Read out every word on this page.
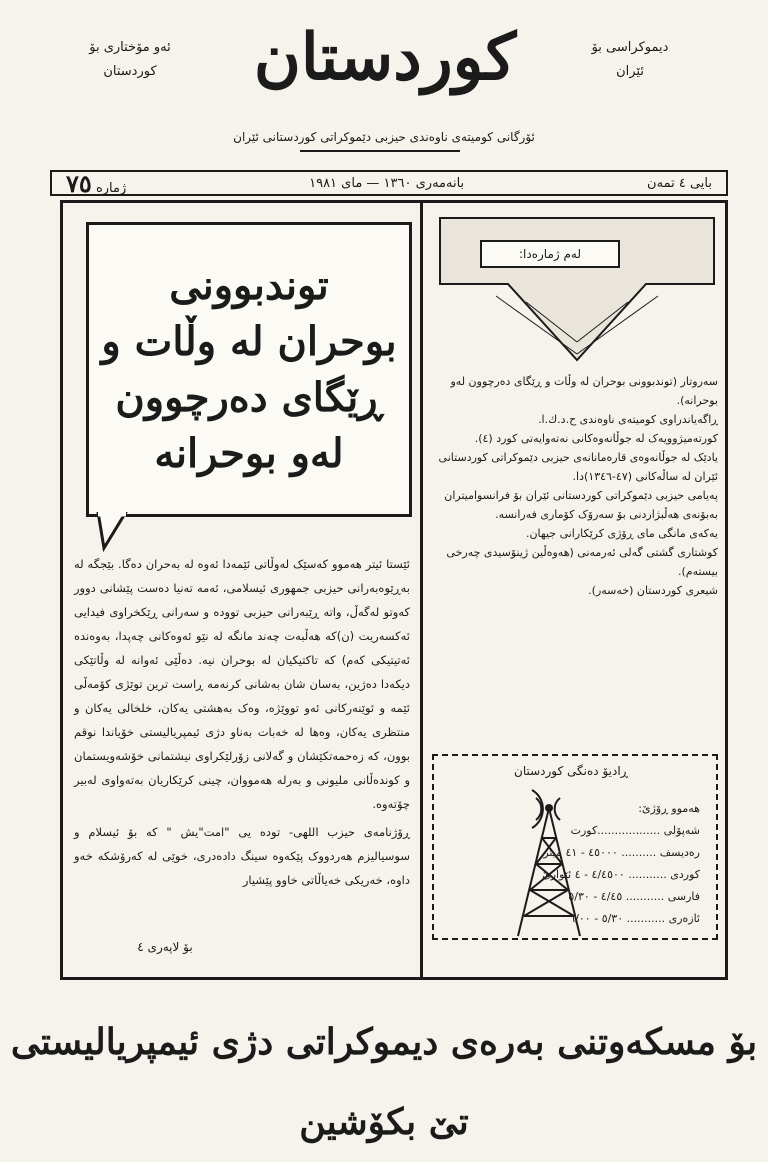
ئەو مۆختاری بۆ
کوردستان	کوردستان	دیموکراسی بۆ
ئێران
ئۆرگانی کومیتەی ناوەندی حیزبی دێموکراتی کوردستانی ئێران
ژماره ٧٥	بانەمەری ١٣٦٠ — مای ١٩٨١	بایی ٤ تمەن
توندبوونی
بوحران لە وڵات و
ڕێگای دەرچوون
لەو بوحرانە

ئێستا ئیتر هەموو کەسێک لەوڵاتی ئێمەدا ئەوە لە بەحران دەگا. بێجگە لە بەڕێوەبەرانی حیزبی جمهوری ئیسلامی، ئەمە تەنیا دەست پێشانی دوور کەوتو لەگەڵ، واتە ڕێبەرانی حیزبی تووده و سەرانی ڕێکخراوی فیدایی ئەکسەریت (ن)کە هەڵبەت چەند مانگە لە نێو ئەوەکانی چەپدا، بەوەندە ئەتیتیکی کەم) کە تاکتیکیان لە بوحران نیە. دەڵێی ئەوانە لە وڵاتێکی دیکەدا دەژین، بەسان شان بەشانی کرنەمە ڕاست ترین توێژی کۆمەڵی ئێمە و ئوێنەرکانی ئەو تووێژە، وەک بەهشتی یەکان، خلخالی یەکان و منتظری یەکان، وەها لە خەبات بەناو دژی ئیمپریالیستی خۆیاندا نوقم بوون، کە زەحمەتکێشان و گەلانی زۆرلێکراوی نیشتمانی خۆشەویستمان و کوندەڵانی ملیونی و بەرلە هەمووان، چینی کرێکاریان بەتەواوی لەبیر چۆتەوە.

ڕۆژنامەی حیزب اللهی- توده یی "امت"یش " کە بۆ ئیسلام و سوسیالیزم هەردووک پێکەوە سینگ دادەدری، خوێی لە کەرۆشکە خەو داوە، خەریکی خەیاڵاتی خاوو پێشیار

بۆ لاپەری ٤
لەم ژمارەدا:

سەروتار (توندبوونی بوحران لە وڵات و ڕێگای دەرچوون لەو بوحرانە).

ڕاگەیاندراوی کومیتەی ناوەندی ح.د.ك.ا.

کورتەمیژوویەک لە جوڵانەوەکانی نەتەوایەتی کورد (٤).

یادێک لە جوڵانەوەی قارەمانانەی حیزبی دێموکراتی کوردستانی ئێران لە ساڵەکانی (٤٧-١٣٤٦)دا.

پەیامی حیزبی دێموکراتی کوردستانی ئێران بۆ فرانسوامیتران بەبۆنەی هەڵبژاردنی بۆ سەرۆک کۆماری فەرانسە.

یەکەی مانگی مای ڕۆژی کرێکارانی جیهان.

کوشتاری گشتی گەلی ئەرمەنی (هەوەڵین ژینۆسیدی چەرخی بیستەم).

شیعری کوردستان (خەسەر).

ڕادیۆ دەنگی کوردستان
هەموو ڕۆژێ:
شەپۆلی ..................کورت
رەدیسف .......... ٤٥٠٠٠ - ٤١ میتر
کوردی ........... ٤/٤٥٠٠ - ٤ ئێوارێ
فارسی ........... ٤/٤٥ - ٥/٣٠
ئازەری ........... ٥/٣٠ - ٦/٠٠
بۆ مسکەوتنی بەرەی دیموکراتی دژی ئیمپریالیستی تێ بکۆشین
